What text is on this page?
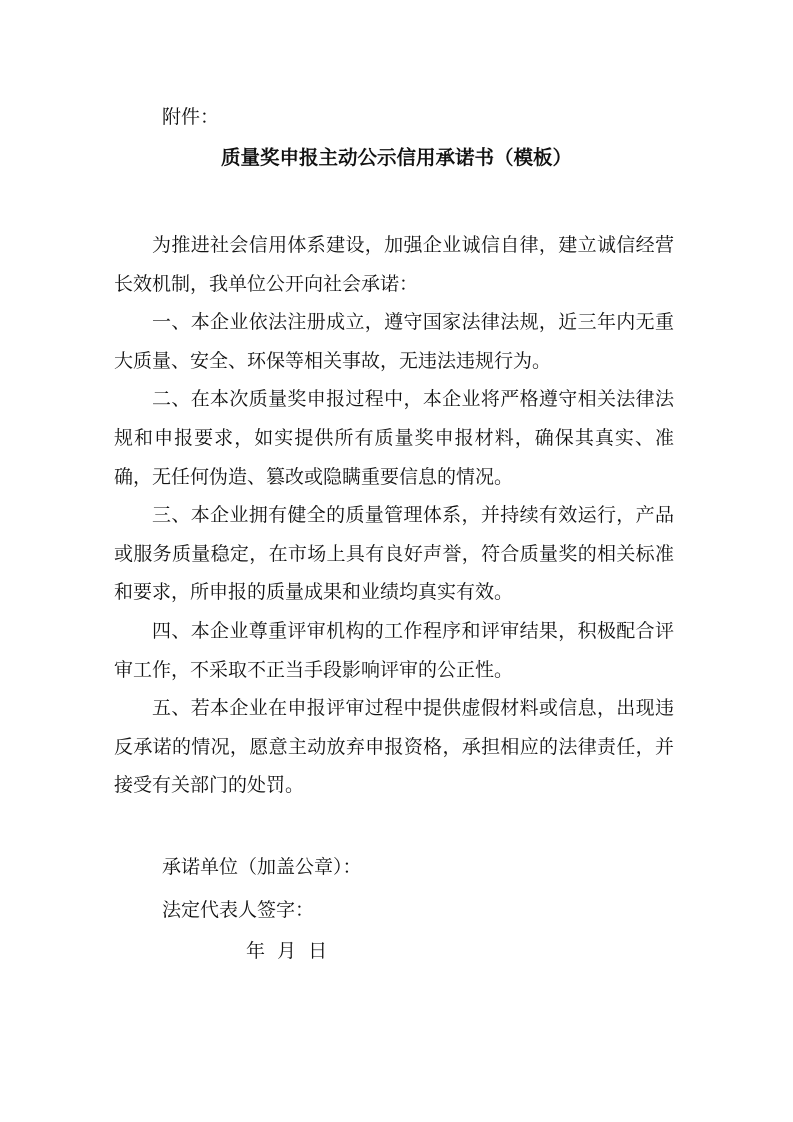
附件：
质量奖申报主动公示信用承诺书（模板）

为推进社会信用体系建设，加强企业诚信自律，建立诚信经营长效机制，我单位公开向社会承诺：

一、本企业依法注册成立，遵守国家法律法规，近三年内无重大质量、安全、环保等相关事故，无违法违规行为。

二、在本次质量奖申报过程中，本企业将严格遵守相关法律法规和申报要求，如实提供所有质量奖申报材料，确保其真实、准确，无任何伪造、篡改或隐瞒重要信息的情况。

三、本企业拥有健全的质量管理体系，并持续有效运行，产品或服务质量稳定，在市场上具有良好声誉，符合质量奖的相关标准和要求，所申报的质量成果和业绩均真实有效。

四、本企业尊重评审机构的工作程序和评审结果，积极配合评审工作，不采取不正当手段影响评审的公正性。

五、若本企业在申报评审过程中提供虚假材料或信息，出现违反承诺的情况，愿意主动放弃申报资格，承担相应的法律责任，并接受有关部门的处罚。

承诺单位（加盖公章）：
法定代表人签字：
年  月  日
